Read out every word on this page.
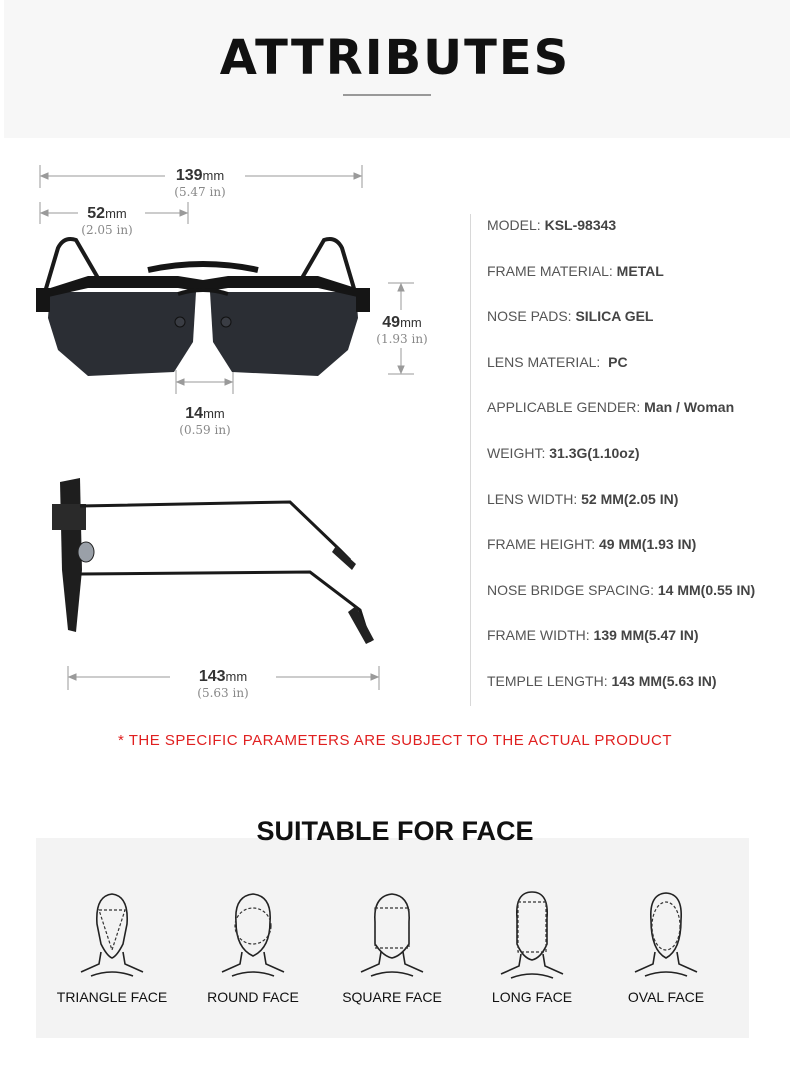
ATTRIBUTES
139mm
(5.47 in)
52mm
(2.05 in)
49mm
(1.93 in)
14mm
(0.59 in)
143mm
(5.63 in)
MODEL: KSL-98343
FRAME MATERIAL: METAL
NOSE PADS: SILICA GEL
LENS MATERIAL:  PC
APPLICABLE GENDER: Man / Woman
WEIGHT: 31.3G(1.10oz)
LENS WIDTH: 52 MM(2.05 IN)
FRAME HEIGHT: 49 MM(1.93 IN)
NOSE BRIDGE SPACING: 14 MM(0.55 IN)
FRAME WIDTH: 139 MM(5.47 IN)
TEMPLE LENGTH: 143 MM(5.63 IN)
* THE SPECIFIC PARAMETERS ARE SUBJECT TO THE ACTUAL PRODUCT
SUITABLE FOR FACE
TRIANGLE FACE	ROUND FACE	SQUARE FACE	LONG FACE	OVAL FACE
